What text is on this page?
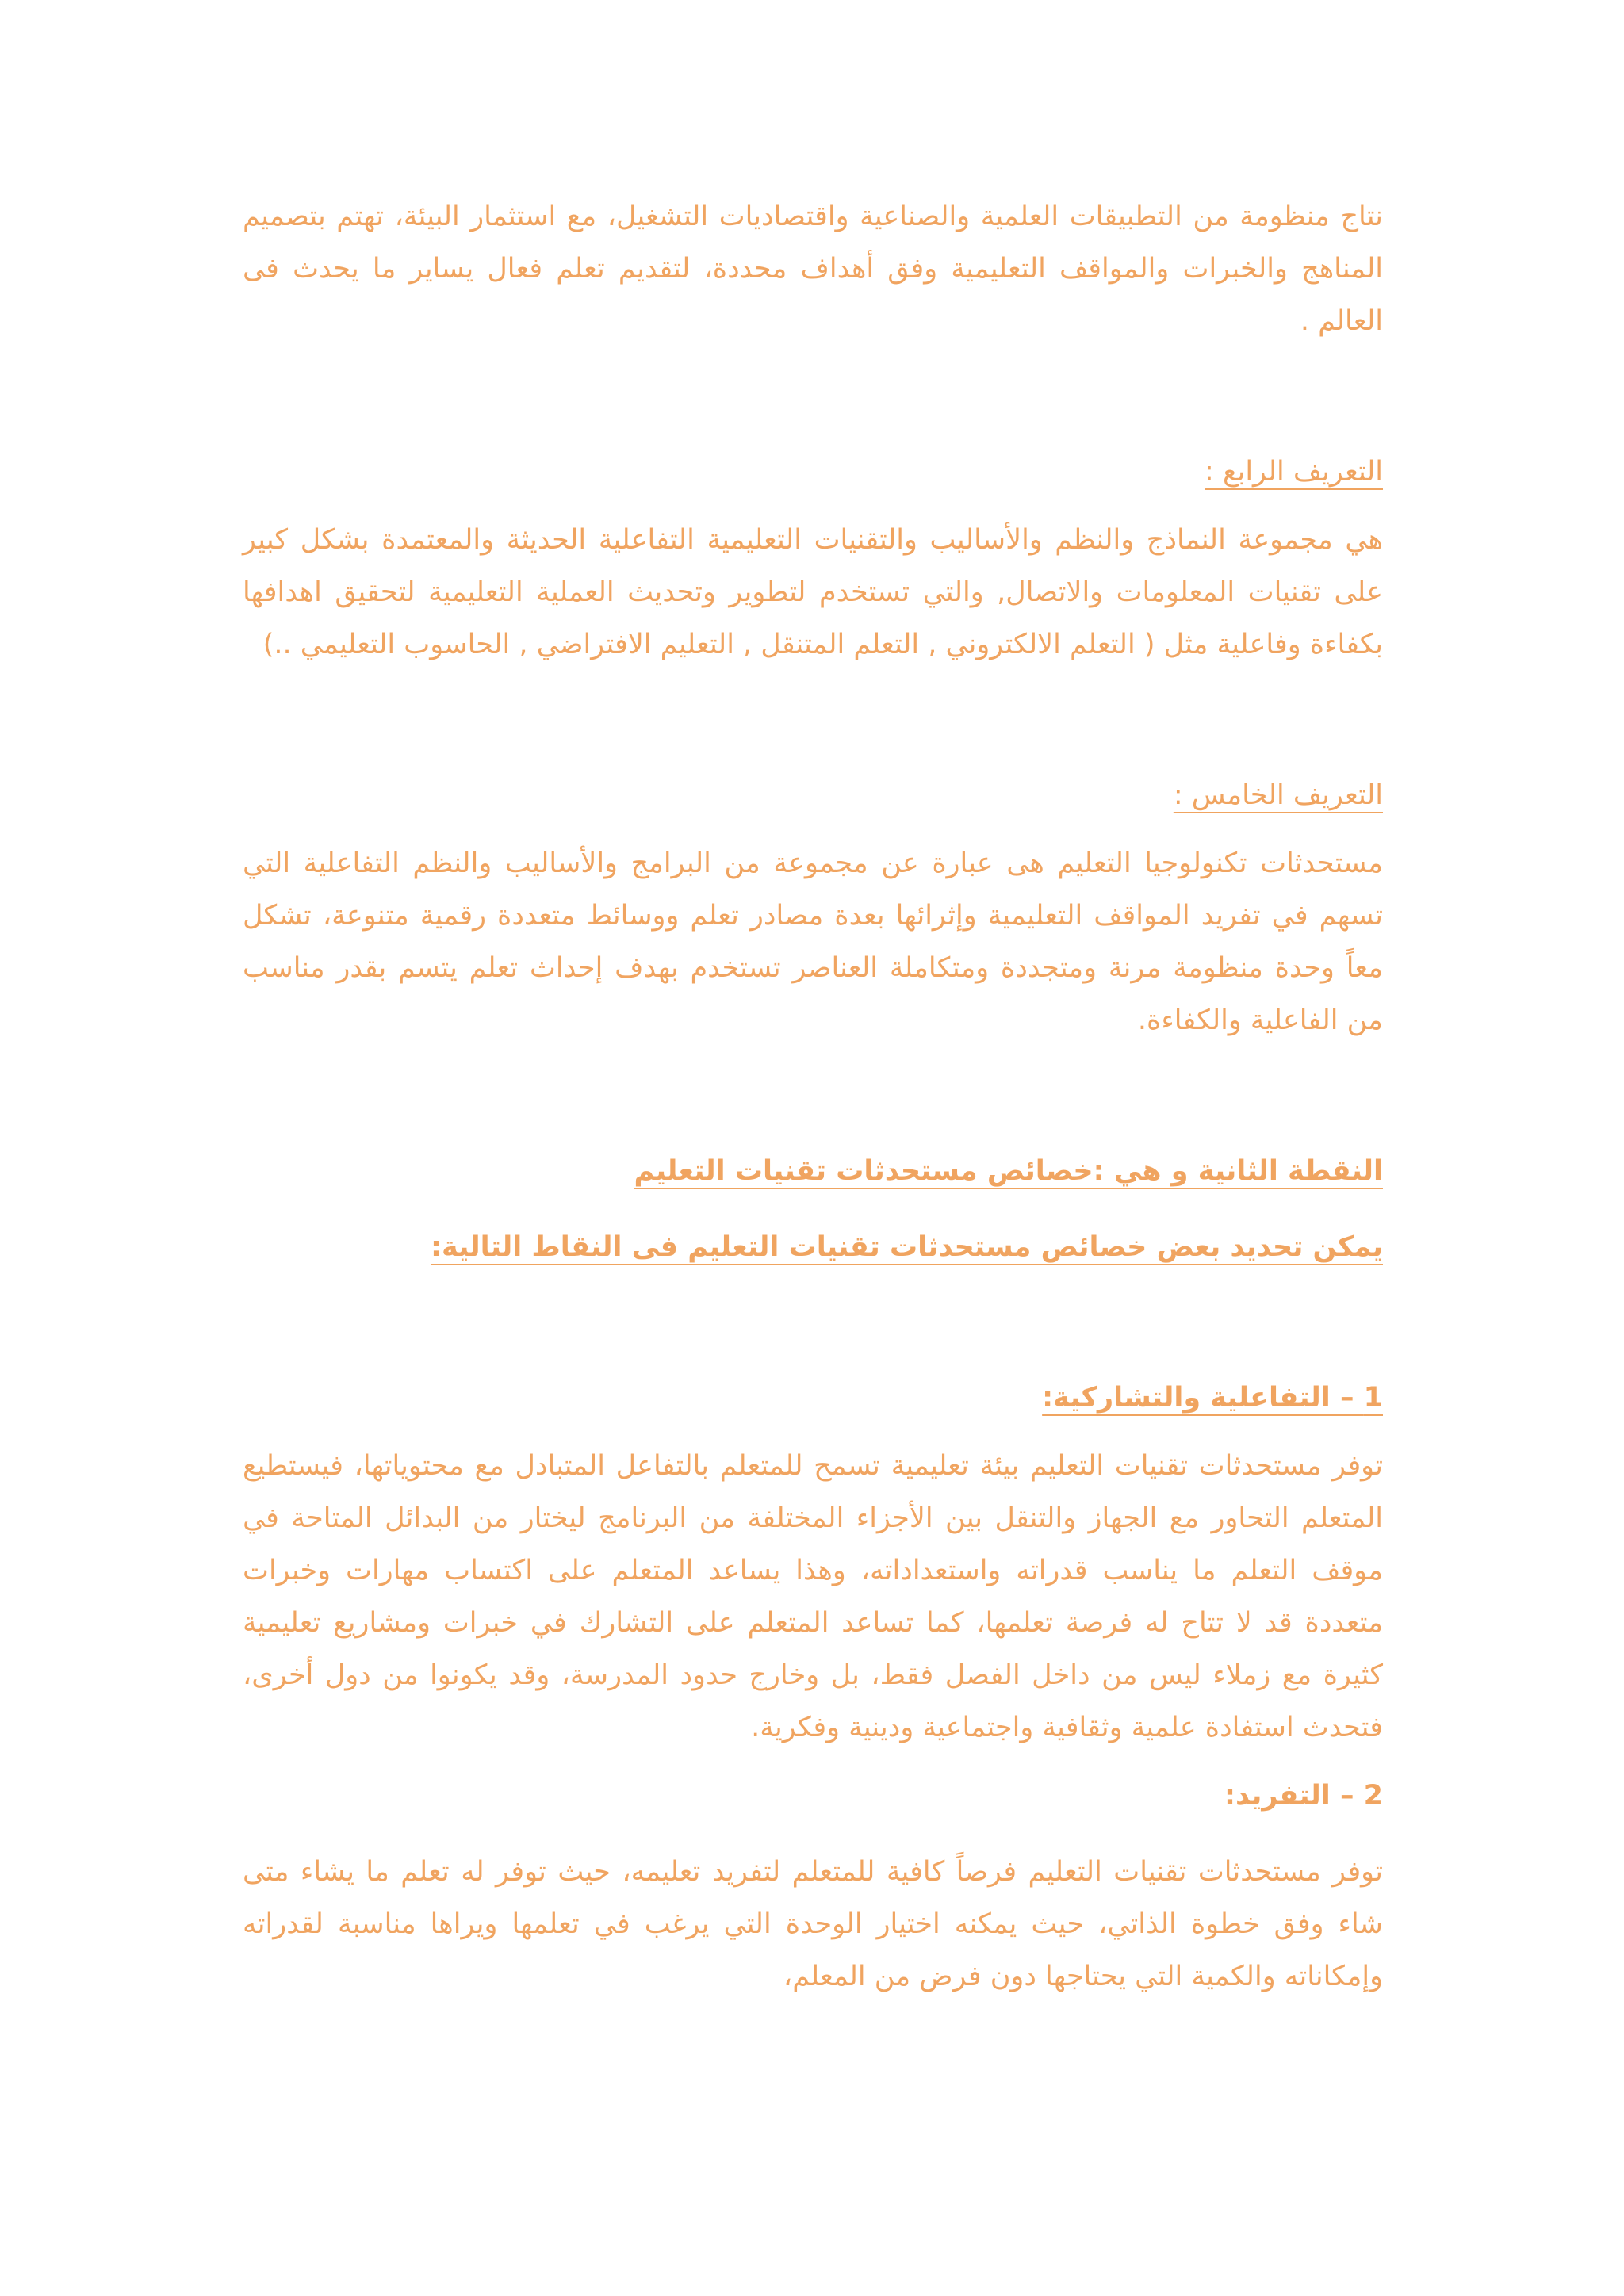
نتاج منظومة من التطبيقات العلمية والصناعية واقتصاديات التشغيل، مع استثمار البيئة، تهتم بتصميم المناهج والخبرات والمواقف التعليمية وفق أهداف محددة، لتقديم تعلم فعال يساير ما يحدث فى العالم .

التعريف الرابع :

هي مجموعة النماذج والنظم والأساليب والتقنيات التعليمية التفاعلية الحديثة والمعتمدة بشكل كبير على تقنيات المعلومات والاتصال, والتي تستخدم لتطوير وتحديث العملية التعليمية لتحقيق اهدافها بكفاءة وفاعلية مثل ( التعلم الالكتروني , التعلم المتنقل , التعليم الافتراضي , الحاسوب التعليمي ..)

التعريف الخامس :

مستحدثات تكنولوجيا التعليم هى عبارة عن مجموعة من البرامج والأساليب والنظم التفاعلية التي تسهم في تفريد المواقف التعليمية وإثرائها بعدة مصادر تعلم ووسائط متعددة رقمية متنوعة، تشكل معاً وحدة منظومة مرنة ومتجددة ومتكاملة العناصر تستخدم بهدف إحداث تعلم يتسم بقدر مناسب من الفاعلية والكفاءة.

النقطة الثانية و هي :خصائص مستحدثات تقنيات التعليم

يمكن تحديد بعض خصائص مستحدثات تقنيات التعليم فى النقاط التالية:

1 – التفاعلية والتشاركية:

توفر مستحدثات تقنيات التعليم بيئة تعليمية تسمح للمتعلم بالتفاعل المتبادل مع محتوياتها، فيستطيع المتعلم التحاور مع الجهاز والتنقل بين الأجزاء المختلفة من البرنامج ليختار من البدائل المتاحة في موقف التعلم ما يناسب قدراته واستعداداته، وهذا يساعد المتعلم على اكتساب مهارات وخبرات متعددة قد لا تتاح له فرصة تعلمها، كما تساعد المتعلم على التشارك في خبرات ومشاريع تعليمية كثيرة مع زملاء ليس من داخل الفصل فقط، بل وخارج حدود المدرسة، وقد يكونوا من دول أخرى، فتحدث استفادة علمية وثقافية واجتماعية ودينية وفكرية.

2 – التفريد:

توفر مستحدثات تقنيات التعليم فرصاً كافية للمتعلم لتفريد تعليمه، حيث توفر له تعلم ما يشاء متى شاء وفق خطوة الذاتي، حيث يمكنه اختيار الوحدة التي يرغب في تعلمها ويراها مناسبة لقدراته وإمكاناته والكمية التي يحتاجها دون فرض من المعلم،
